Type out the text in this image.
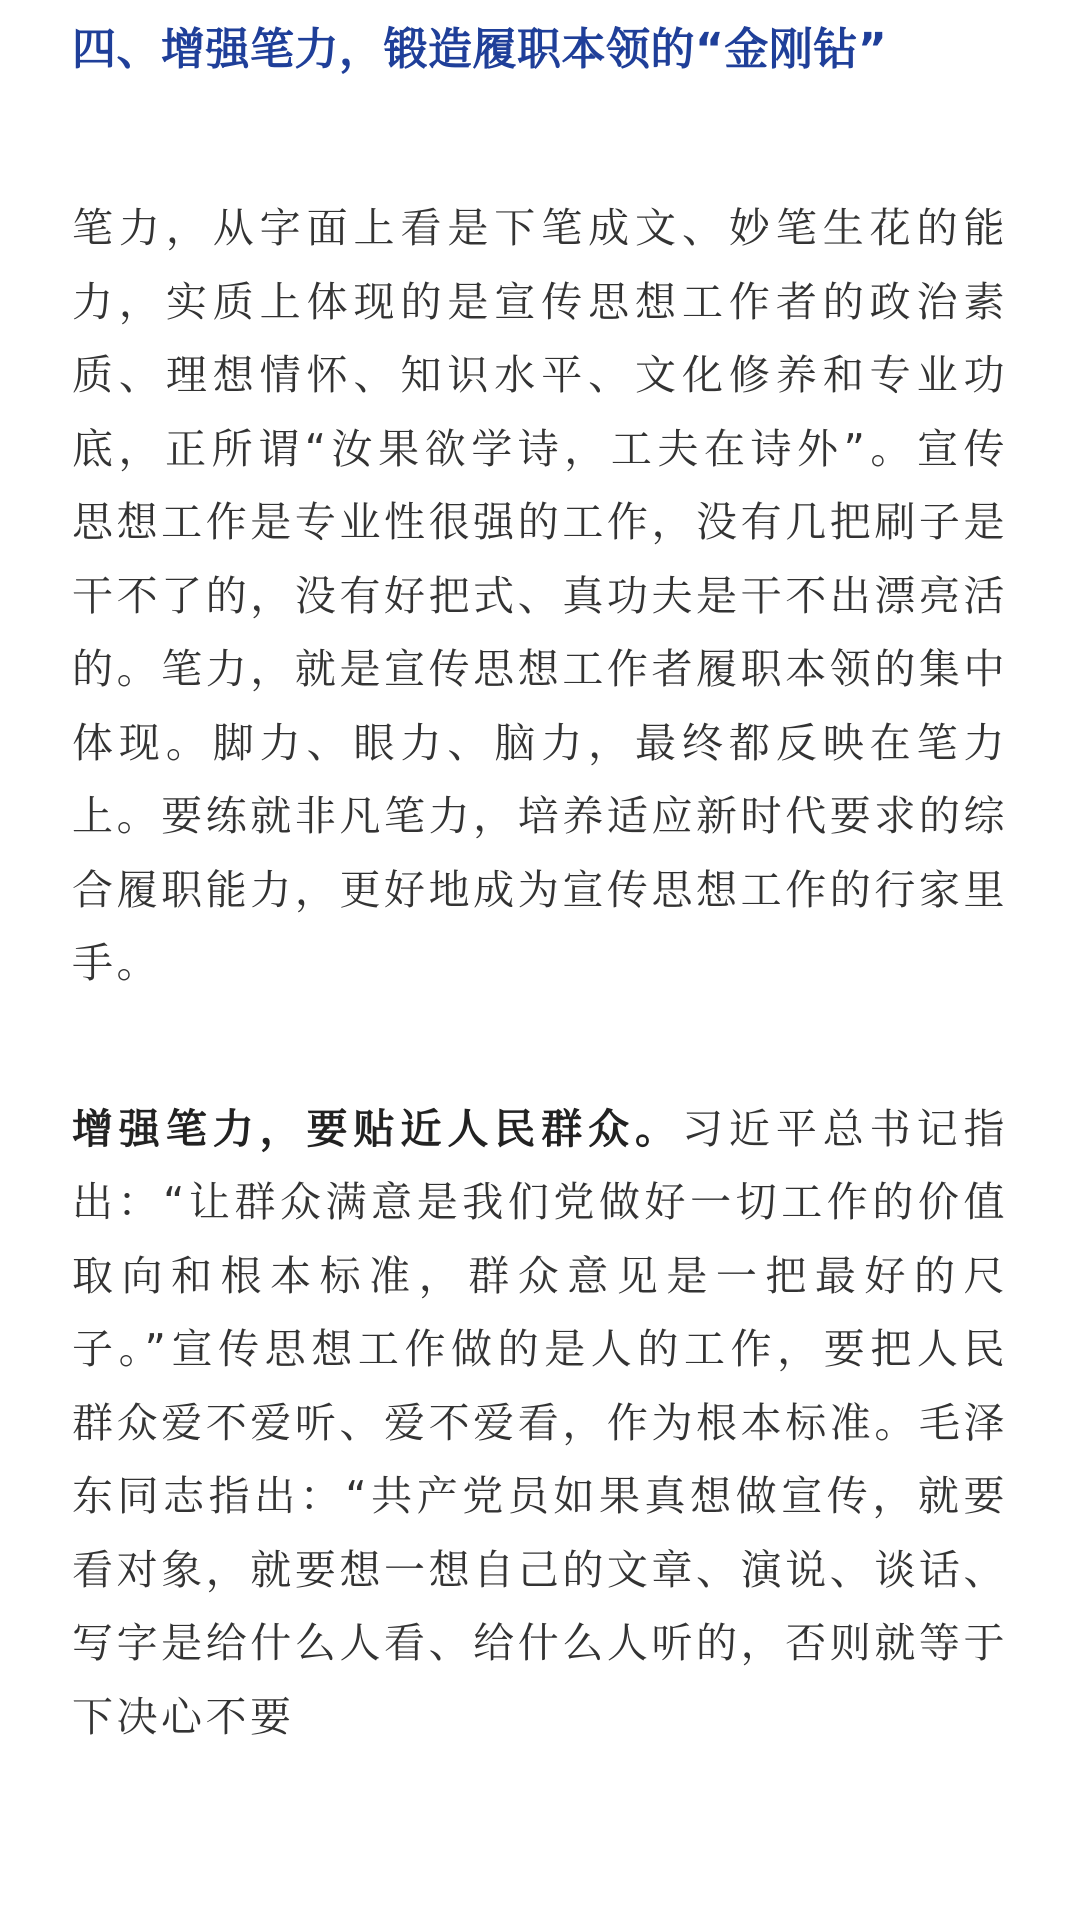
四、增强笔力，锻造履职本领的“金刚钻”

笔力，从字面上看是下笔成文、妙笔生花的能力，实质上体现的是宣传思想工作者的政治素质、理想情怀、知识水平、文化修养和专业功底，正所谓“汝果欲学诗，工夫在诗外”。宣传思想工作是专业性很强的工作，没有几把刷子是干不了的，没有好把式、真功夫是干不出漂亮活的。笔力，就是宣传思想工作者履职本领的集中体现。脚力、眼力、脑力，最终都反映在笔力上。要练就非凡笔力，培养适应新时代要求的综合履职能力，更好地成为宣传思想工作的行家里手。

增强笔力，要贴近人民群众。习近平总书记指出：“让群众满意是我们党做好一切工作的价值取向和根本标准，群众意见是一把最好的尺子。”宣传思想工作做的是人的工作，要把人民群众爱不爱听、爱不爱看，作为根本标准。毛泽东同志指出：“共产党员如果真想做宣传，就要看对象，就要想一想自己的文章、演说、谈话、写字是给什么人看、给什么人听的，否则就等于下决心不要
